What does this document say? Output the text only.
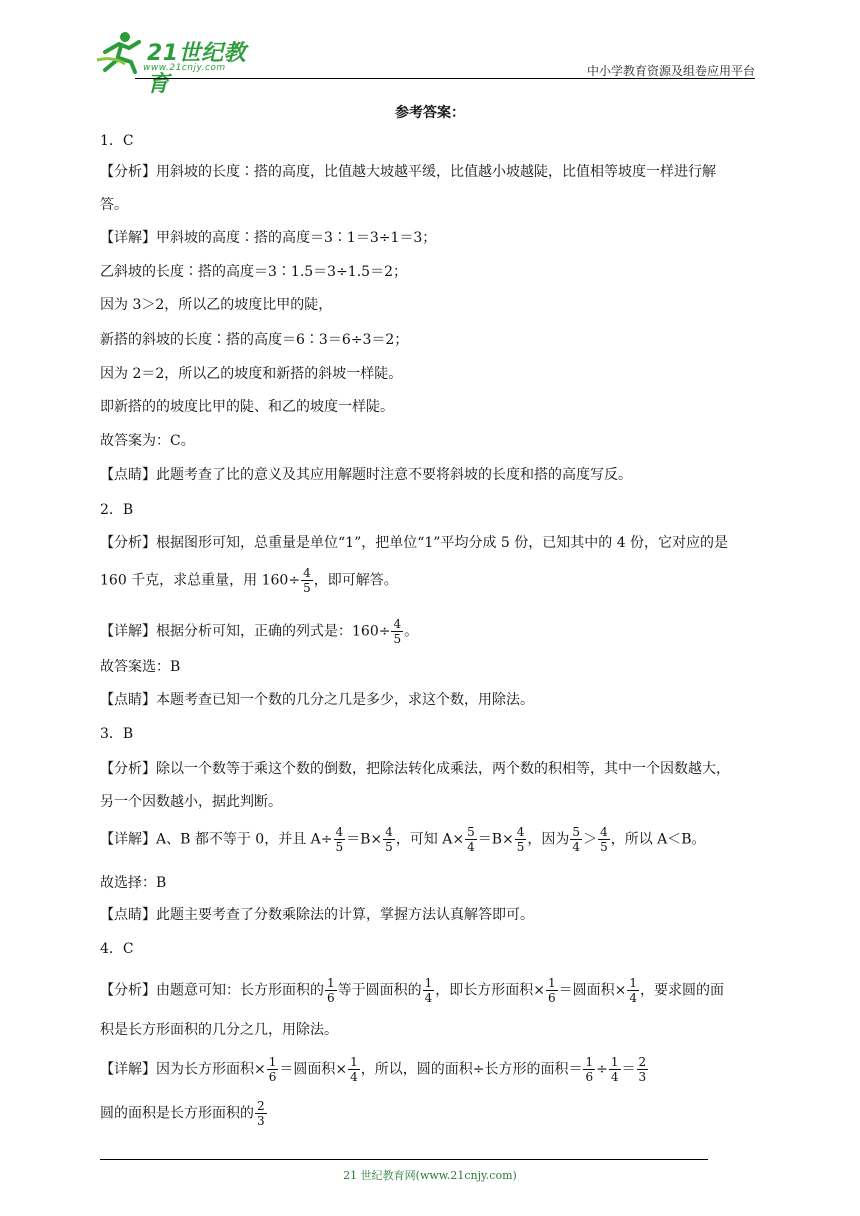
21世纪教育
www.21cnjy.com	中小学教育资源及组卷应用平台
参考答案：
1．C
【分析】用斜坡的长度∶搭的高度，比值越大坡越平缓，比值越小坡越陡，比值相等坡度一样进行解
答。
【详解】甲斜坡的高度∶搭的高度＝3∶1＝3÷1＝3；
乙斜坡的长度∶搭的高度＝3∶1.5＝3÷1.5＝2；
因为 3＞2，所以乙的坡度比甲的陡，
新搭的斜坡的长度∶搭的高度＝6∶3＝6÷3＝2；
因为 2＝2，所以乙的坡度和新搭的斜坡一样陡。
即新搭的的坡度比甲的陡、和乙的坡度一样陡。
故答案为：C。
【点睛】此题考查了比的意义及其应用解题时注意不要将斜坡的长度和搭的高度写反。
2．B
【分析】根据图形可知，总重量是单位“1”，把单位“1”平均分成 5 份，已知其中的 4 份，它对应的是
160 千克，求总重量，用 $160\div \frac{4}{5}$ ，即可解答。
【详解】根据分析可知，正确的列式是：$160\div \frac{4}{5}$ 。
故答案选：B
【点睛】本题考查已知一个数的几分之几是多少，求这个数，用除法。
3．B
【分析】除以一个数等于乘这个数的倒数，把除法转化成乘法，两个数的积相等，其中一个因数越大，
另一个因数越小，据此判断。
【详解】A、B 都不等于 0，并且 $A\div \frac{4}{5} =B\times \frac{4}{5}$ ，可知 $A\times \frac{5}{4} =B\times \frac{4}{5}$ ，因为 $\frac{5}{4} > \frac{4}{5}$ ，所以 A＜B。
故选择：B
【点睛】此题主要考查了分数乘除法的计算，掌握方法认真解答即可。
4．C
【分析】由题意可知：长方形面积的 $\frac{1}{6}$ 等于圆面积的 $\frac{1}{4}$ ，即长方形面积× $\frac{1}{6}$ ＝圆面积× $\frac{1}{4}$ ，要求圆的面
积是长方形面积的几分之几，用除法。
【详解】因为长方形面积× $\frac{1}{6}$ ＝圆面积× $\frac{1}{4}$ ，所以，圆的面积÷长方形的面积＝ $\frac{1}{6} \div \frac{1}{4} = \frac{2}{3}$
圆的面积是长方形面积的 $\frac{2}{3}$
21 世纪教育网(www.21cnjy.com)
